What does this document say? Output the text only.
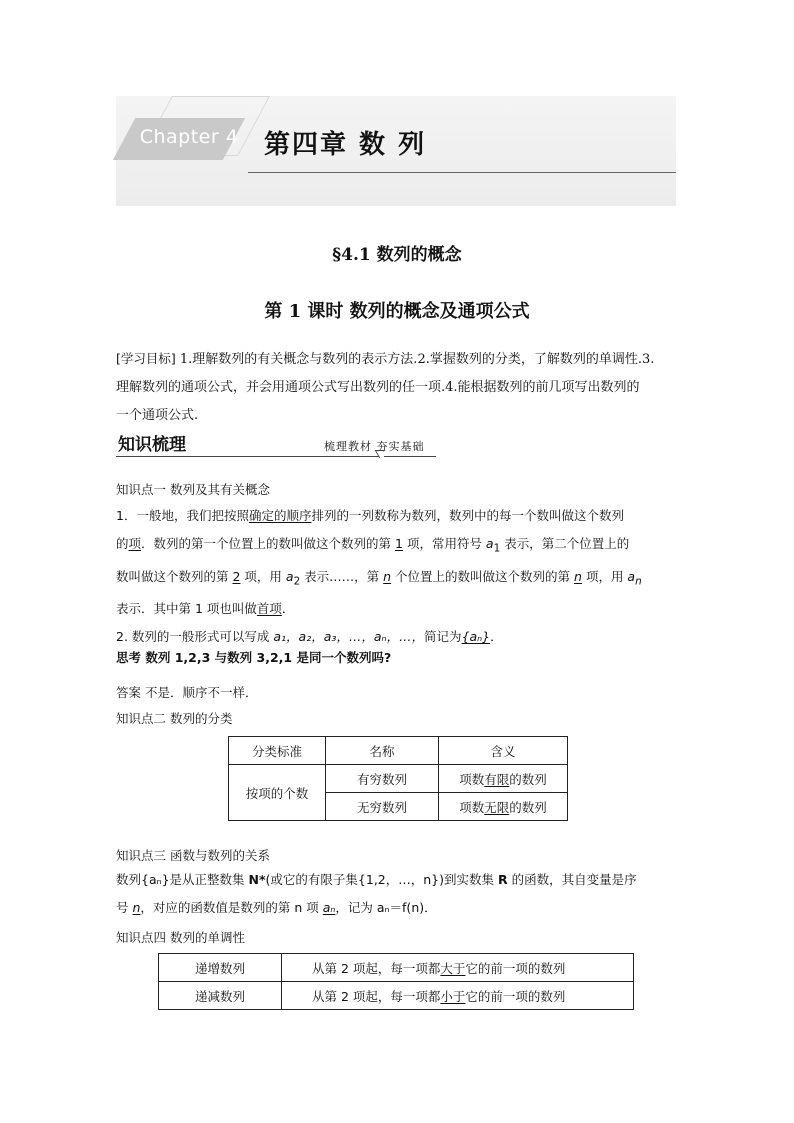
Chapter 4 第四章 数 列
§4.1 数列的概念
第 1 课时 数列的概念及通项公式
[学习目标] 1.理解数列的有关概念与数列的表示方法.2.掌握数列的分类，了解数列的单调性.3.
理解数列的通项公式，并会用通项公式写出数列的任一项.4.能根据数列的前几项写出数列的
一个通项公式.
知识梳理	梳理教材 夯实基础
知识点一 数列及其有关概念
1．一般地，我们把按照确定的顺序排列的一列数称为数列，数列中的每一个数叫做这个数列
的项．数列的第一个位置上的数叫做这个数列的第 1 项，常用符号 $a_1$ 表示，第二个位置上的
数叫做这个数列的第 2 项，用 $a_2$ 表示……，第 n 个位置上的数叫做这个数列的第 n 项，用 $a_n$
表示．其中第 1 项也叫做首项．
2. 数列的一般形式可以写成 a₁，a₂，a₃，…，aₙ，…，简记为{aₙ}．
思考 数列 1,2,3 与数列 3,2,1 是同一个数列吗?
答案 不是．顺序不一样．
知识点二 数列的分类
分类标准	名称	含义
按项的个数	有穷数列	项数有限的数列
	无穷数列	项数无限的数列
知识点三 函数与数列的关系
数列{aₙ}是从正整数集 N*(或它的有限子集{1,2，…，n})到实数集 R 的函数，其自变量是序
号 n，对应的函数值是数列的第 n 项 aₙ，记为 aₙ＝f(n)．
知识点四 数列的单调性
递增数列	从第 2 项起，每一项都大于它的前一项的数列
递减数列	从第 2 项起，每一项都小于它的前一项的数列
